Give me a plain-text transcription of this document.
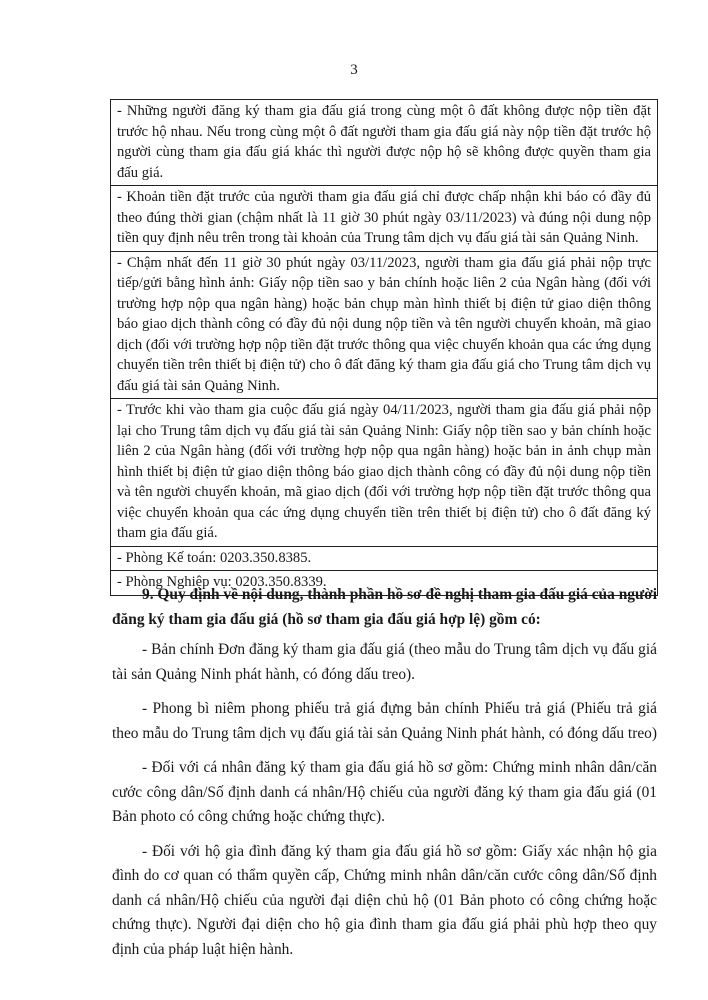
3
- Những người đăng ký tham gia đấu giá trong cùng một ô đất không được nộp tiền đặt trước hộ nhau. Nếu trong cùng một ô đất người tham gia đấu giá này nộp tiền đặt trước hộ người cùng tham gia đấu giá khác thì người được nộp hộ sẽ không được quyền tham gia đấu giá.
- Khoản tiền đặt trước của người tham gia đấu giá chỉ được chấp nhận khi báo có đầy đủ theo đúng thời gian (chậm nhất là 11 giờ 30 phút ngày 03/11/2023) và đúng nội dung nộp tiền quy định nêu trên trong tài khoản của Trung tâm dịch vụ đấu giá tài sản Quảng Ninh.
- Chậm nhất đến 11 giờ 30 phút ngày 03/11/2023, người tham gia đấu giá phải nộp trực tiếp/gửi bằng hình ảnh: Giấy nộp tiền sao y bản chính hoặc liên 2 của Ngân hàng (đối với trường hợp nộp qua ngân hàng) hoặc bản chụp màn hình thiết bị điện tử giao diện thông báo giao dịch thành công có đầy đủ nội dung nộp tiền và tên người chuyển khoản, mã giao dịch (đối với trường hợp nộp tiền đặt trước thông qua việc chuyển khoản qua các ứng dụng chuyển tiền trên thiết bị điện tử) cho ô đất đăng ký tham gia đấu giá cho Trung tâm dịch vụ đấu giá tài sản Quảng Ninh.
- Trước khi vào tham gia cuộc đấu giá ngày 04/11/2023, người tham gia đấu giá phải nộp lại cho Trung tâm dịch vụ đấu giá tài sản Quảng Ninh: Giấy nộp tiền sao y bản chính hoặc liên 2 của Ngân hàng (đối với trường hợp nộp qua ngân hàng) hoặc bản in ảnh chụp màn hình thiết bị điện tử giao diện thông báo giao dịch thành công có đầy đủ nội dung nộp tiền và tên người chuyển khoản, mã giao dịch (đối với trường hợp nộp tiền đặt trước thông qua việc chuyển khoản qua các ứng dụng chuyển tiền trên thiết bị điện tử) cho ô đất đăng ký tham gia đấu giá.
- Phòng Kế toán: 0203.350.8385.
- Phòng Nghiệp vụ: 0203.350.8339.

9. Quy định về nội dung, thành phần hồ sơ đề nghị tham gia đấu giá của người đăng ký tham gia đấu giá (hồ sơ tham gia đấu giá hợp lệ) gồm có:

- Bản chính Đơn đăng ký tham gia đấu giá (theo mẫu do Trung tâm dịch vụ đấu giá tài sản Quảng Ninh phát hành, có đóng dấu treo).

- Phong bì niêm phong phiếu trả giá đựng bản chính Phiếu trả giá (Phiếu trả giá theo mẫu do Trung tâm dịch vụ đấu giá tài sản Quảng Ninh phát hành, có đóng dấu treo)

- Đối với cá nhân đăng ký tham gia đấu giá hồ sơ gồm: Chứng minh nhân dân/căn cước công dân/Số định danh cá nhân/Hộ chiếu của người đăng ký tham gia đấu giá (01 Bản photo có công chứng hoặc chứng thực).

- Đối với hộ gia đình đăng ký tham gia đấu giá hồ sơ gồm: Giấy xác nhận hộ gia đình do cơ quan có thẩm quyền cấp, Chứng minh nhân dân/căn cước công dân/Số định danh cá nhân/Hộ chiếu của người đại diện chủ hộ (01 Bản photo có công chứng hoặc chứng thực). Người đại diện cho hộ gia đình tham gia đấu giá phải phù hợp theo quy định của pháp luật hiện hành.
